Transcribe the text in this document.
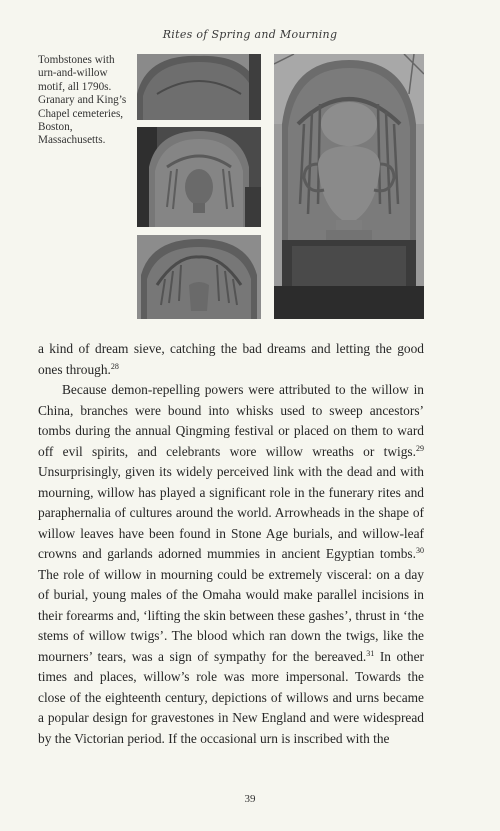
Rites of Spring and Mourning
Tombstones with urn-and-willow motif, all 1790s. Granary and King’s Chapel cemeteries, Boston, Massachusetts.

a kind of dream sieve, catching the bad dreams and letting the good ones through.$^{28}$

Because demon-repelling powers were attributed to the willow in China, branches were bound into whisks used to sweep ancestors’ tombs during the annual Qingming festival or placed on them to ward off evil spirits, and celebrants wore willow wreaths or twigs.$^{29}$ Unsurprisingly, given its widely perceived link with the dead and with mourning, willow has played a significant role in the funerary rites and paraphernalia of cultures around the world. Arrowheads in the shape of willow leaves have been found in Stone Age burials, and willow-leaf crowns and garlands adorned mummies in ancient Egyptian tombs.$^{30}$ The role of willow in mourning could be extremely visceral: on a day of burial, young males of the Omaha would make parallel incisions in their forearms and, ‘lifting the skin between these gashes’, thrust in ‘the stems of willow twigs’. The blood which ran down the twigs, like the mourners’ tears, was a sign of sympathy for the bereaved.$^{31}$ In other times and places, willow’s role was more impersonal. Towards the close of the eighteenth century, depictions of willows and urns became a popular design for gravestones in New England and were widespread by the Victorian period. If the occasional urn is inscribed with the

39
